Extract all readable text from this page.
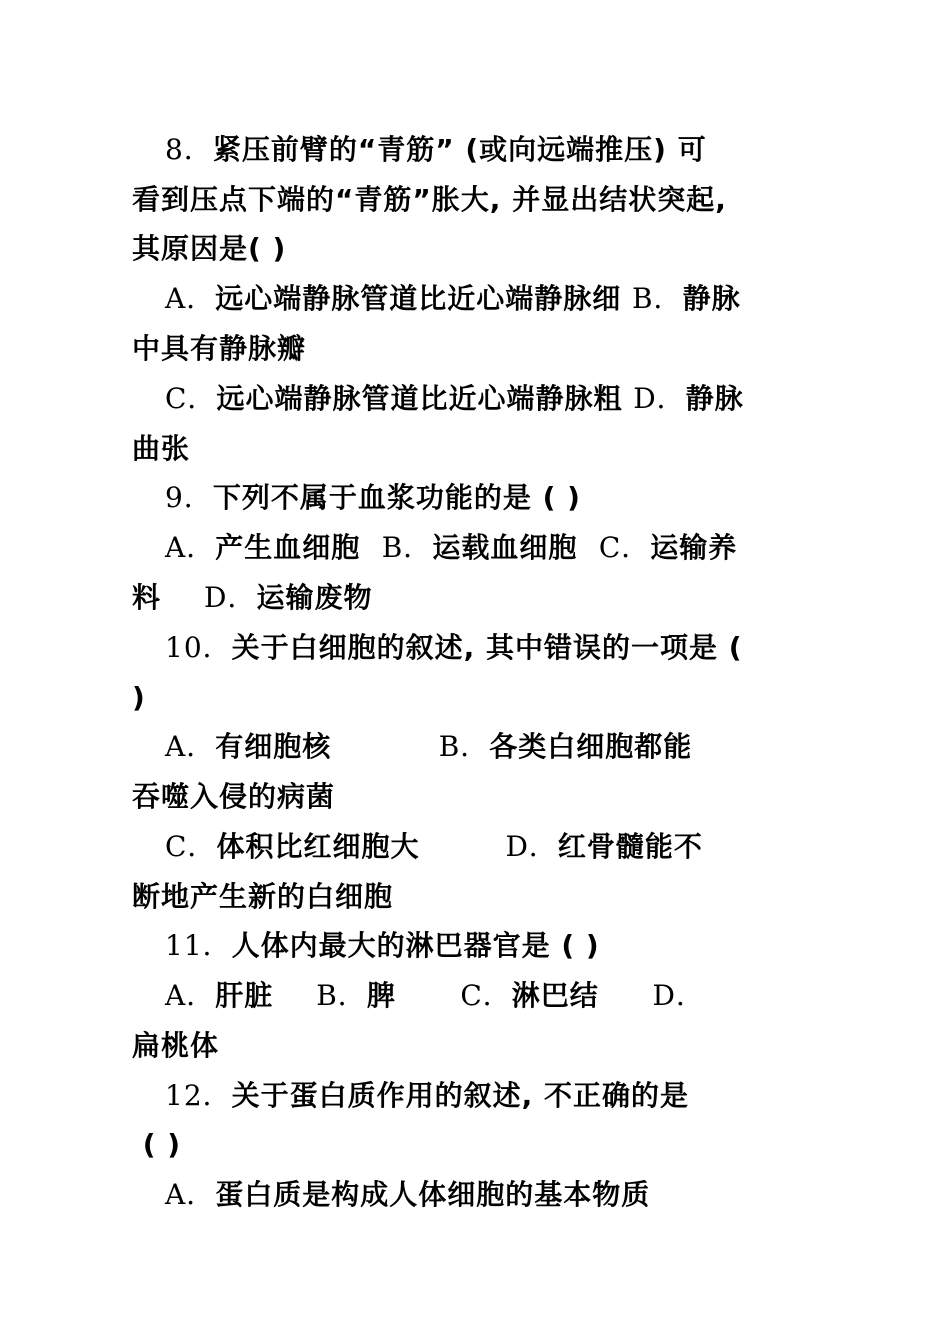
8．紧压前臂的“青筋” (或向远端推压) 可
看到压点下端的“青筋”胀大, 并显出结状突起,
其原因是( )
A．远心端静脉管道比近心端静脉细 B．静脉
中具有静脉瓣
C．远心端静脉管道比近心端静脉粗 D．静脉
曲张
9．下列不属于血浆功能的是 ( )
A．产生血细胞  B．运载血细胞  C．运输养
料    D．运输废物
10．关于白细胞的叙述, 其中错误的一项是 (
)
A．有细胞核          B．各类白细胞都能
吞噬入侵的病菌
C．体积比红细胞大        D．红骨髓能不
断地产生新的白细胞
11．人体内最大的淋巴器官是 ( )
A．肝脏    B．脾      C．淋巴结     D．
扁桃体
12．关于蛋白质作用的叙述, 不正确的是
( )
A．蛋白质是构成人体细胞的基本物质
